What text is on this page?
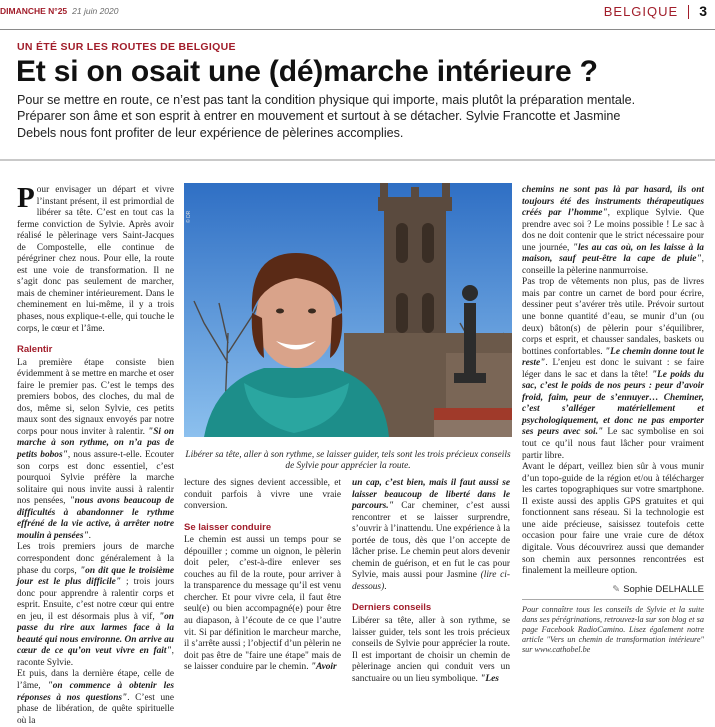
DIMANCHE N°25 21 juin 2020	BELGIQUE 3
UN ÉTÉ SUR LES ROUTES DE BELGIQUE
Et si on osait une (dé)marche intérieure ?
Pour se mettre en route, ce n’est pas tant la condition physique qui importe, mais plutôt la préparation mentale.
Préparer son âme et son esprit à entrer en mouvement et surtout à se détacher. Sylvie Francotte et Jasmine
Debels nous font profiter de leur expérience de pèlerines accomplies.

Pour envisager un départ et vivre l’instant présent, il est primordial de libérer sa tête. C’est en tout cas la ferme conviction de Sylvie. Après avoir réalisé le pèlerinage vers Saint-Jacques de Compostelle, elle continue de pérégriner chez nous. Pour elle, la route est une voie de transformation. Il ne s’agit donc pas seulement de marcher, mais de cheminer intérieurement. Dans le cheminement en lui-même, il y a trois phases, nous explique-t-elle, qui touche le corps, le cœur et l’âme.

Ralentir

La première étape consiste bien évidemment à se mettre en marche et oser faire le premier pas. C’est le temps des premiers bobos, des cloches, du mal de dos, même si, selon Sylvie, ces petits maux sont des signaux envoyés par notre corps pour nous inviter à ralentir. "Si on marche à son rythme, on n’a pas de petits bobos", nous assure-t-elle. Ecouter son corps est donc essentiel, c’est pourquoi Sylvie préfère la marche solitaire qui nous invite aussi à ralentir nos pensées, "nous avons beaucoup de difficultés à abandonner le rythme effréné de la vie active, à arrêter notre moulin à pensées".

Les trois premiers jours de marche correspondent donc généralement à la phase du corps, "on dit que le troisième jour est le plus difficile" ; trois jours donc pour apprendre à ralentir corps et esprit. Ensuite, c’est notre cœur qui entre en jeu, il est désormais plus à vif, "on passe du rire aux larmes face à la beauté qui nous environne. On arrive au cœur de ce qu’on veut vivre en fait", raconte Sylvie.

Et puis, dans la dernière étape, celle de l’âme, "on commence à obtenir les réponses à nos questions". C’est une phase de libération, de quête spirituelle où la

© DR
Libérer sa tête, aller à son rythme, se laisser guider, tels sont les trois précieux conseils de Sylvie pour apprécier la route.

lecture des signes devient accessible, et conduit parfois à vivre une vraie conversion.

Se laisser conduire

Le chemin est aussi un temps pour se dépouiller ; comme un oignon, le pèlerin doit peler, c’est-à-dire enlever ses couches au fil de la route, pour arriver à la transparence du message qu’il est venu chercher. Et pour vivre cela, il faut être seul(e) ou bien accompagné(e) pour être au diapason, à l’écoute de ce que l’autre vit. Si par définition le marcheur marche, il s’arrête aussi ; l’objectif d’un pèlerin ne doit pas être de "faire une étape" mais de se laisser conduire par le chemin. "Avoir

un cap, c’est bien, mais il faut aussi se laisser beaucoup de liberté dans le parcours." Car cheminer, c’est aussi rencontrer et se laisser surprendre, s’ouvrir à l’inattendu. Une expérience à la portée de tous, dès que l’on accepte de lâcher prise. Le chemin peut alors devenir chemin de guérison, et en fut le cas pour Sylvie, mais aussi pour Jasmine (lire ci-dessous).

Derniers conseils

Libérer sa tête, aller à son rythme, se laisser guider, tels sont les trois précieux conseils de Sylvie pour apprécier la route. Il est important de choisir un chemin de pèlerinage ancien qui conduit vers un sanctuaire ou un lieu symbolique. "Les

chemins ne sont pas là par hasard, ils ont toujours été des instruments thérapeutiques créés par l’homme", explique Sylvie. Que prendre avec soi ? Le moins possible ! Le sac à dos ne doit contenir que le strict nécessaire pour une journée, "les au cas où, on les laisse à la maison, sauf peut-être la cape de pluie", conseille la pèlerine nanmurroise.

Pas trop de vêtements non plus, pas de livres mais par contre un carnet de bord pour écrire, dessiner peut s’avérer très utile. Prévoir surtout une bonne quantité d’eau, se munir d’un (ou deux) bâton(s) de pèlerin pour s’équilibrer, corps et esprit, et chausser sandales, baskets ou bottines confortables. "Le chemin donne tout le reste". L’enjeu est donc le suivant : se faire léger dans le sac et dans la tête! "Le poids du sac, c’est le poids de nos peurs : peur d’avoir froid, faim, peur de s’ennuyer… Cheminer, c’est s’alléger matériellement et psychologiquement, et donc ne pas emporter ses peurs avec soi." Le sac symbolise en soi tout ce qu’il nous faut lâcher pour vraiment partir libre.

Avant le départ, veillez bien sûr à vous munir d’un topo-guide de la région et/ou à télécharger les cartes topographiques sur votre smartphone. Il existe aussi des applis GPS gratuites et qui fonctionnent sans réseau. Si la technologie est une aide précieuse, saisissez toutefois cette occasion pour faire une vraie cure de détox digitale. Vous découvrirez aussi que demander son chemin aux personnes rencontrées est finalement la meilleure option.

✎ Sophie DELHALLE
Pour connaître tous les conseils de Sylvie et la suite dans ses pérégrinations, retrouvez-la sur son blog et sa page Facebook RadioCamino. Lisez également notre article "Vers un chemin de transformation intérieure" sur www.cathobel.be
